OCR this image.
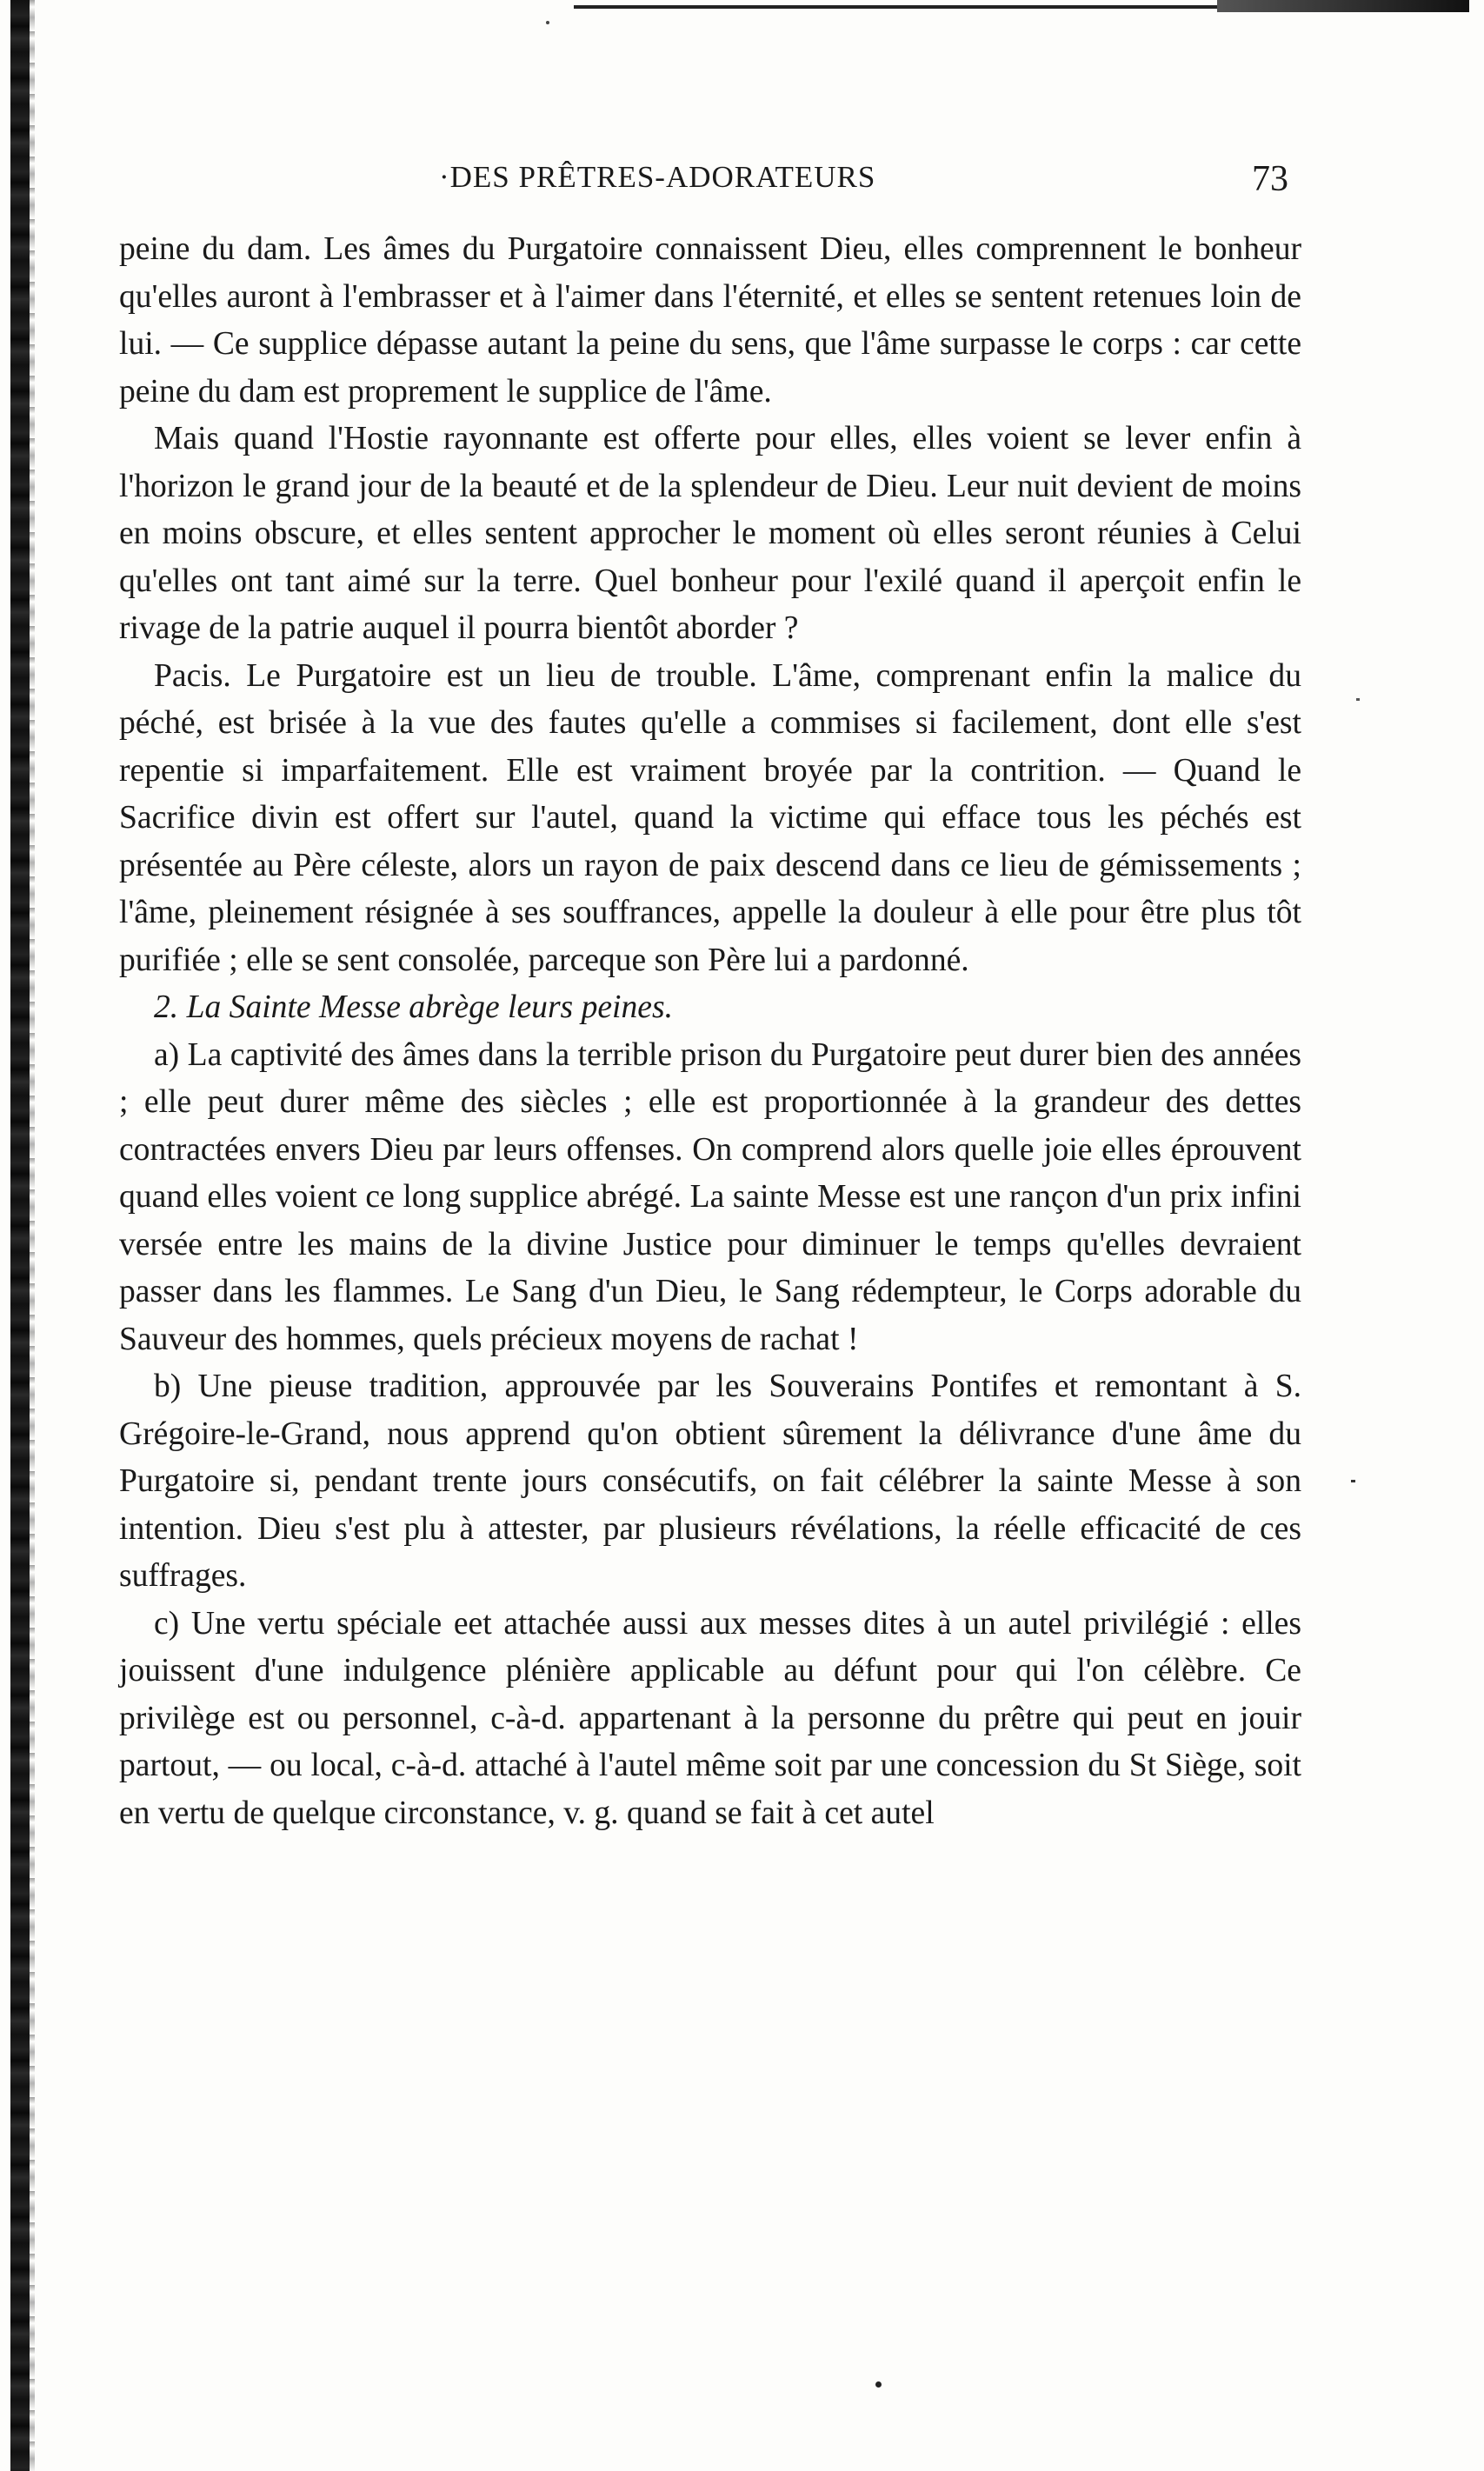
·DES PRÊTRES-ADORATEURS	73

peine du dam. Les âmes du Purgatoire connaissent Dieu, elles comprennent le bonheur qu'elles auront à l'embrasser et à l'aimer dans l'éternité, et elles se sentent retenues loin de lui. — Ce supplice dépasse autant la peine du sens, que l'âme surpasse le corps : car cette peine du dam est proprement le supplice de l'âme.

Mais quand l'Hostie rayonnante est offerte pour elles, elles voient se lever enfin à l'horizon le grand jour de la beauté et de la splendeur de Dieu. Leur nuit devient de moins en moins obscure, et elles sentent approcher le moment où elles seront réunies à Celui qu'elles ont tant aimé sur la terre. Quel bonheur pour l'exilé quand il aperçoit enfin le rivage de la patrie auquel il pourra bientôt aborder ?

Pacis. Le Purgatoire est un lieu de trouble. L'âme, comprenant enfin la malice du péché, est brisée à la vue des fautes qu'elle a commises si facilement, dont elle s'est repentie si imparfaitement. Elle est vraiment broyée par la contrition. — Quand le Sacrifice divin est offert sur l'autel, quand la victime qui efface tous les péchés est présentée au Père céleste, alors un rayon de paix descend dans ce lieu de gémissements ; l'âme, pleinement résignée à ses souffrances, appelle la douleur à elle pour être plus tôt purifiée ; elle se sent consolée, parceque son Père lui a pardonné.

2. La Sainte Messe abrège leurs peines.

a) La captivité des âmes dans la terrible prison du Purgatoire peut durer bien des années ; elle peut durer même des siècles ; elle est proportionnée à la grandeur des dettes contractées envers Dieu par leurs offenses. On comprend alors quelle joie elles éprouvent quand elles voient ce long supplice abrégé. La sainte Messe est une rançon d'un prix infini versée entre les mains de la divine Justice pour diminuer le temps qu'elles devraient passer dans les flammes. Le Sang d'un Dieu, le Sang rédempteur, le Corps adorable du Sauveur des hommes, quels précieux moyens de rachat !

b) Une pieuse tradition, approuvée par les Souverains Pontifes et remontant à S. Grégoire-le-Grand, nous apprend qu'on obtient sûrement la délivrance d'une âme du Purgatoire si, pendant trente jours consécutifs, on fait célébrer la sainte Messe à son intention. Dieu s'est plu à attester, par plusieurs révélations, la réelle efficacité de ces suffrages.

c) Une vertu spéciale eet attachée aussi aux messes dites à un autel privilégié : elles jouissent d'une indulgence plénière applicable au défunt pour qui l'on célèbre. Ce privilège est ou personnel, c-à-d. appartenant à la personne du prêtre qui peut en jouir partout, — ou local, c-à-d. attaché à l'autel même soit par une concession du St Siège, soit en vertu de quelque circonstance, v. g. quand se fait à cet autel
